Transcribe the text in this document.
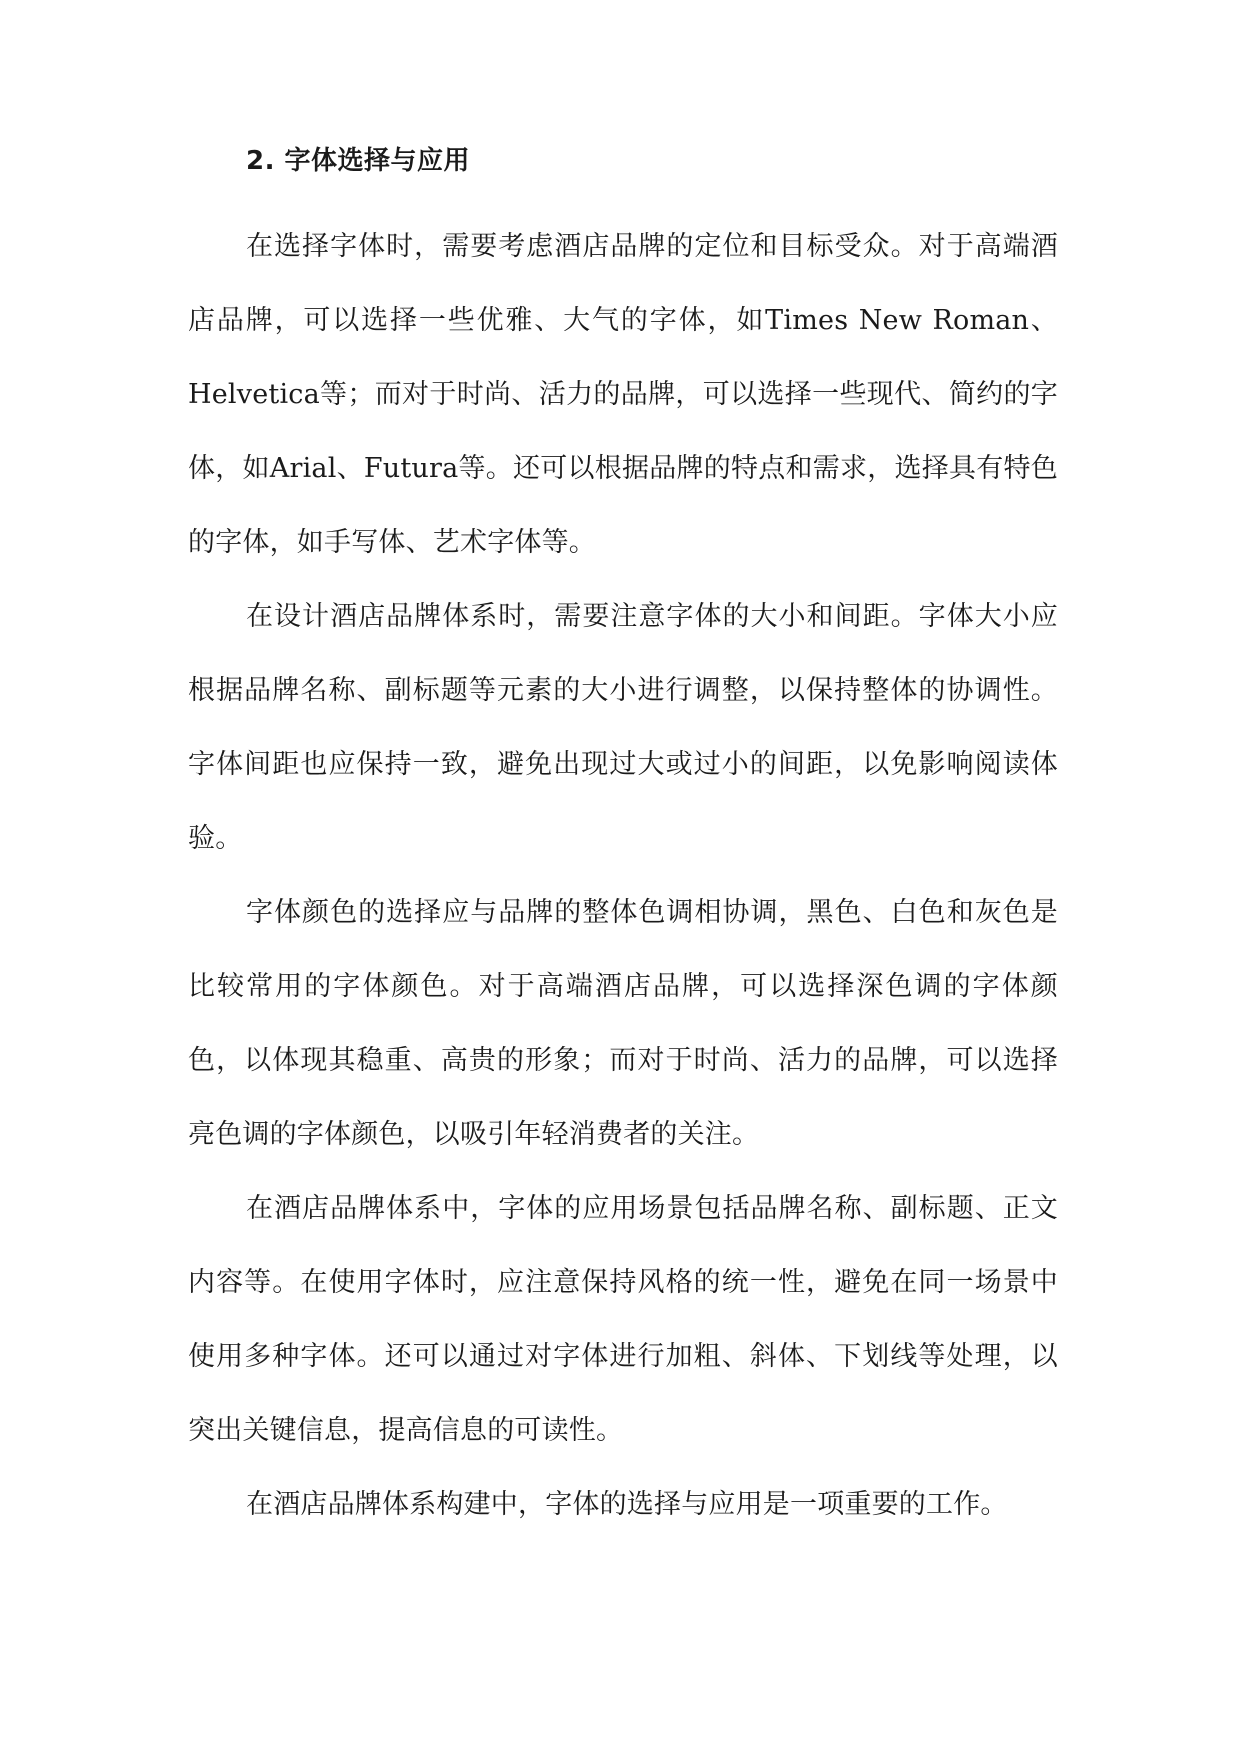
2. 字体选择与应用

在选择字体时，需要考虑酒店品牌的定位和目标受众。对于高端酒店品牌，可以选择一些优雅、大气的字体，如Times New Roman、Helvetica等；而对于时尚、活力的品牌，可以选择一些现代、简约的字体，如Arial、Futura等。还可以根据品牌的特点和需求，选择具有特色的字体，如手写体、艺术字体等。

在设计酒店品牌体系时，需要注意字体的大小和间距。字体大小应根据品牌名称、副标题等元素的大小进行调整，以保持整体的协调性。字体间距也应保持一致，避免出现过大或过小的间距，以免影响阅读体验。

字体颜色的选择应与品牌的整体色调相协调，黑色、白色和灰色是比较常用的字体颜色。对于高端酒店品牌，可以选择深色调的字体颜色，以体现其稳重、高贵的形象；而对于时尚、活力的品牌，可以选择亮色调的字体颜色，以吸引年轻消费者的关注。

在酒店品牌体系中，字体的应用场景包括品牌名称、副标题、正文内容等。在使用字体时，应注意保持风格的统一性，避免在同一场景中使用多种字体。还可以通过对字体进行加粗、斜体、下划线等处理，以突出关键信息，提高信息的可读性。

在酒店品牌体系构建中，字体的选择与应用是一项重要的工作。
